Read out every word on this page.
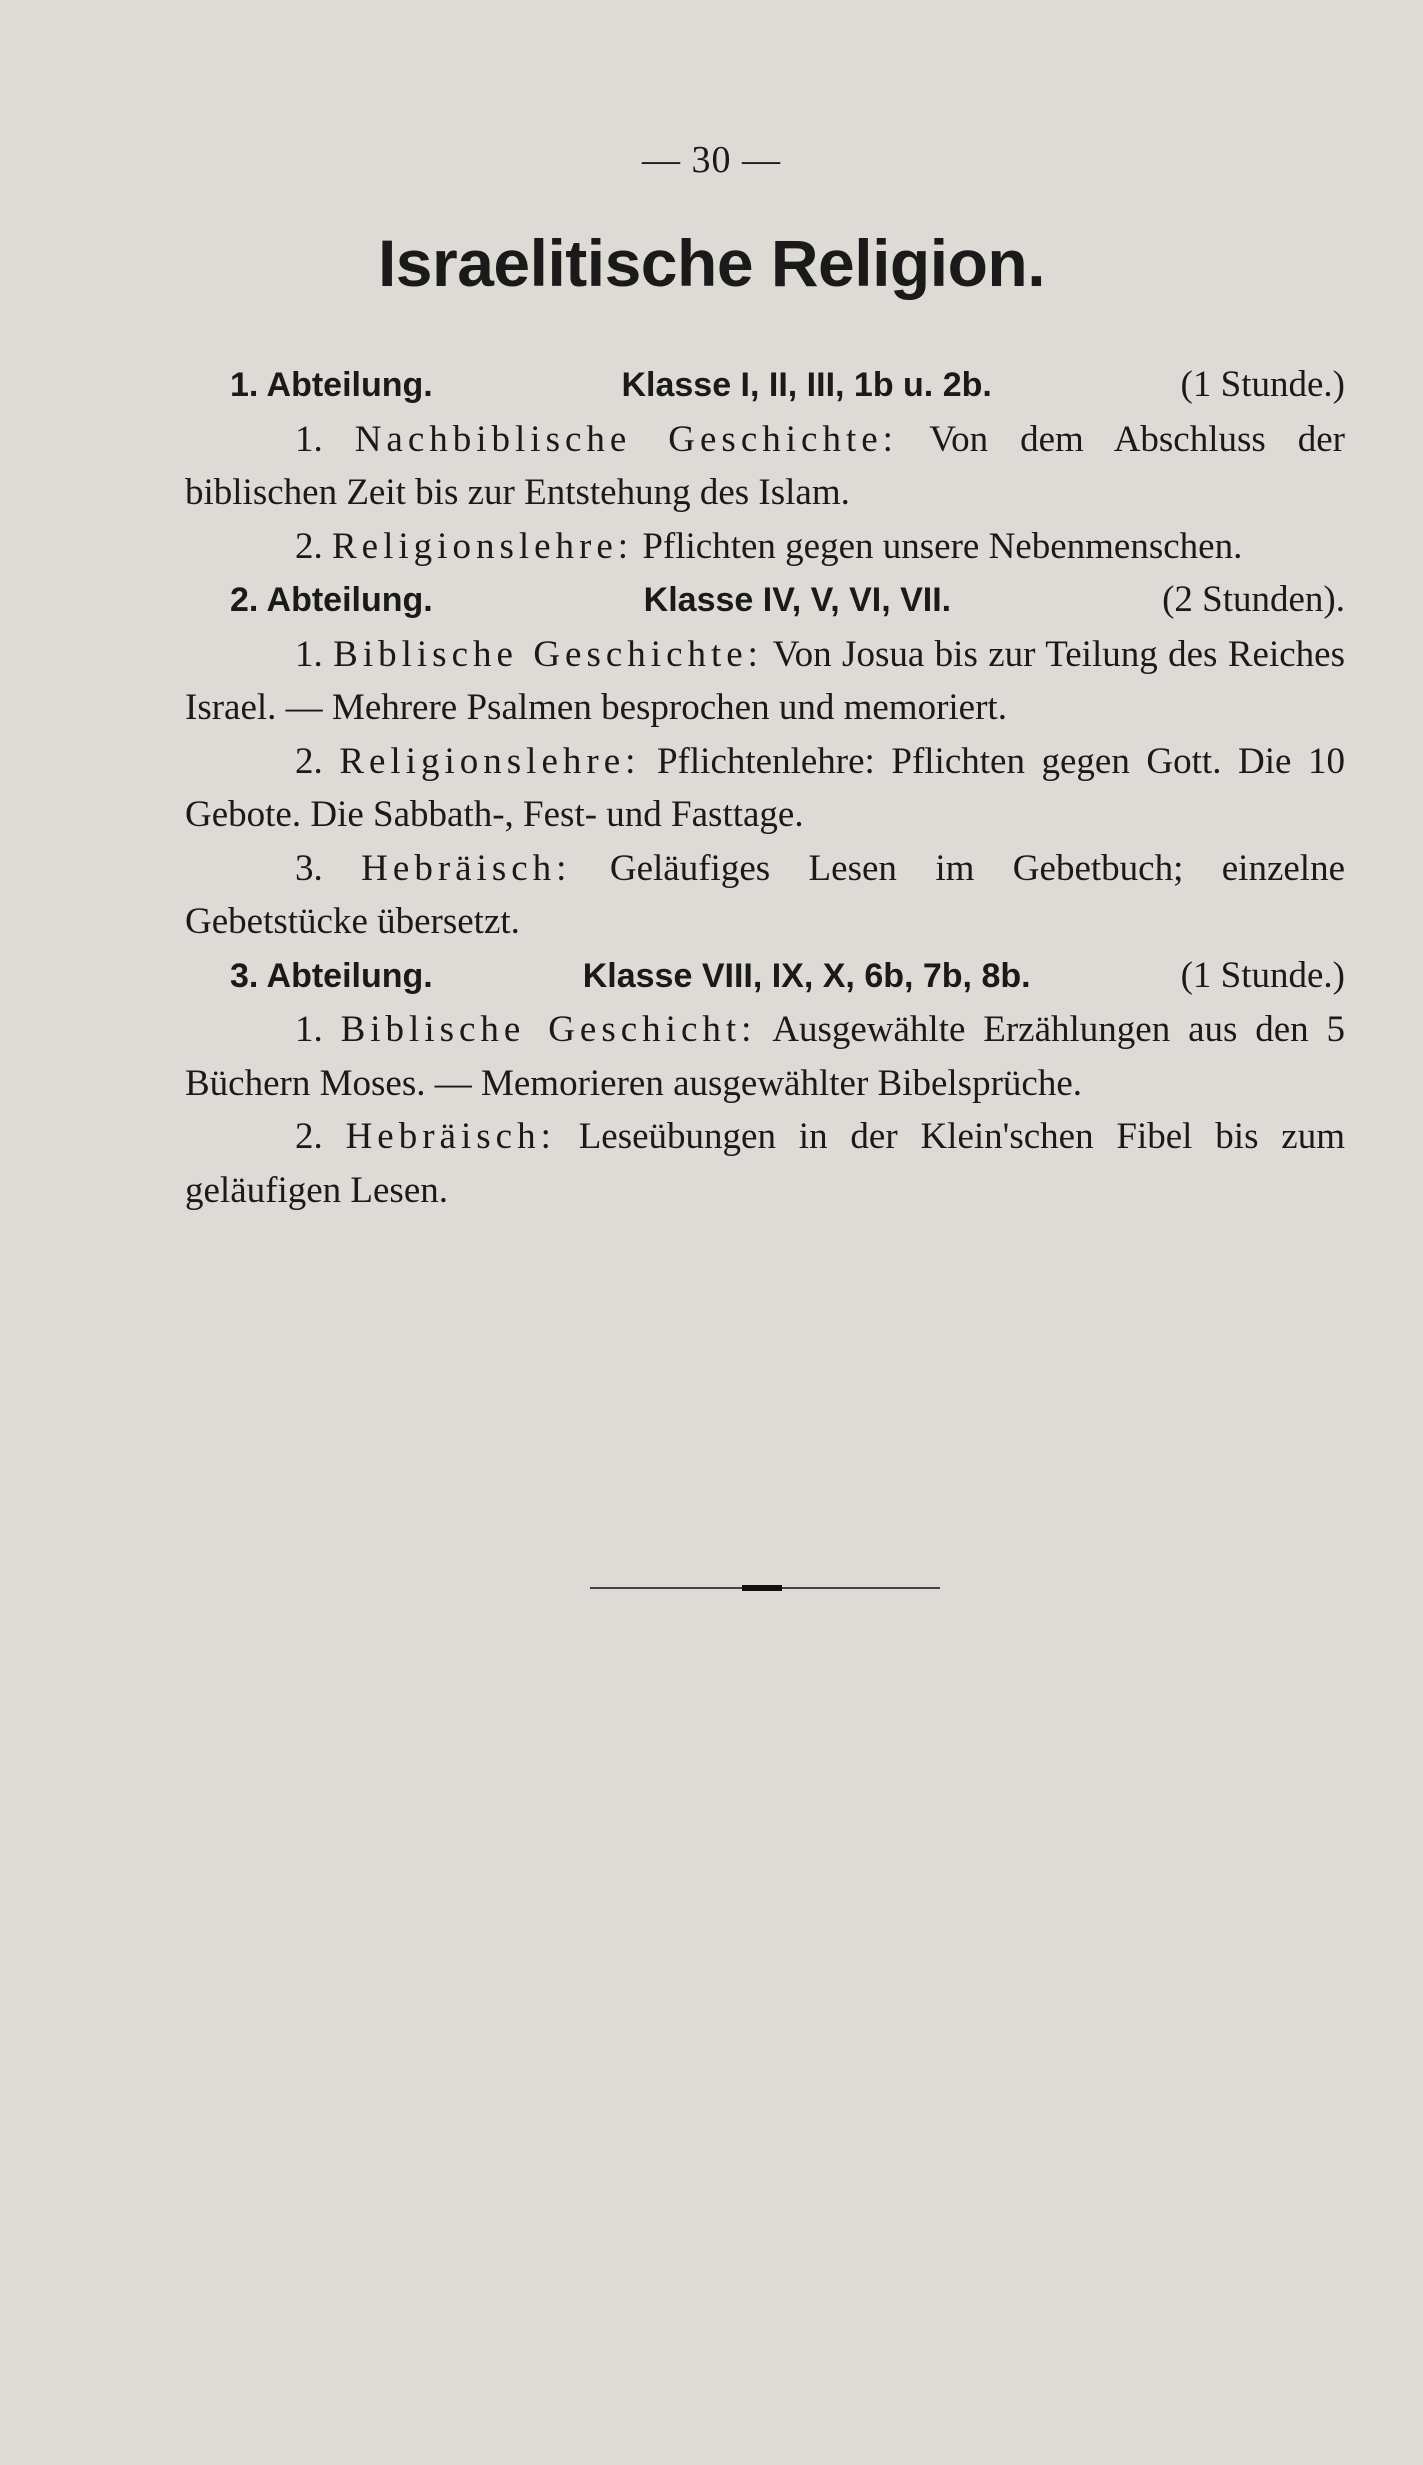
— 30 —
Israelitische Religion.
1. Abteilung.	Klasse I, II, III, 1b u. 2b.	(1 Stunde.)

1. Nachbiblische Geschichte: Von dem Abschluss der biblischen Zeit bis zur Entstehung des Islam.

2. Religionslehre: Pflichten gegen unsere Nebenmenschen.

2. Abteilung.	Klasse IV, V, VI, VII.	(2 Stunden).

1. Biblische Geschichte: Von Josua bis zur Teilung des Reiches Israel. — Mehrere Psalmen besprochen und memoriert.

2. Religionslehre: Pflichtenlehre: Pflichten gegen Gott. Die 10 Gebote. Die Sabbath-, Fest- und Fasttage.

3. Hebräisch: Geläufiges Lesen im Gebetbuch; einzelne Gebetstücke übersetzt.

3. Abteilung.	Klasse VIII, IX, X, 6b, 7b, 8b.	(1 Stunde.)

1. Biblische Geschicht: Ausgewählte Erzählungen aus den 5 Büchern Moses. — Memorieren ausgewählter Bibelsprüche.

2. Hebräisch: Leseübungen in der Klein'schen Fibel bis zum geläufigen Lesen.
